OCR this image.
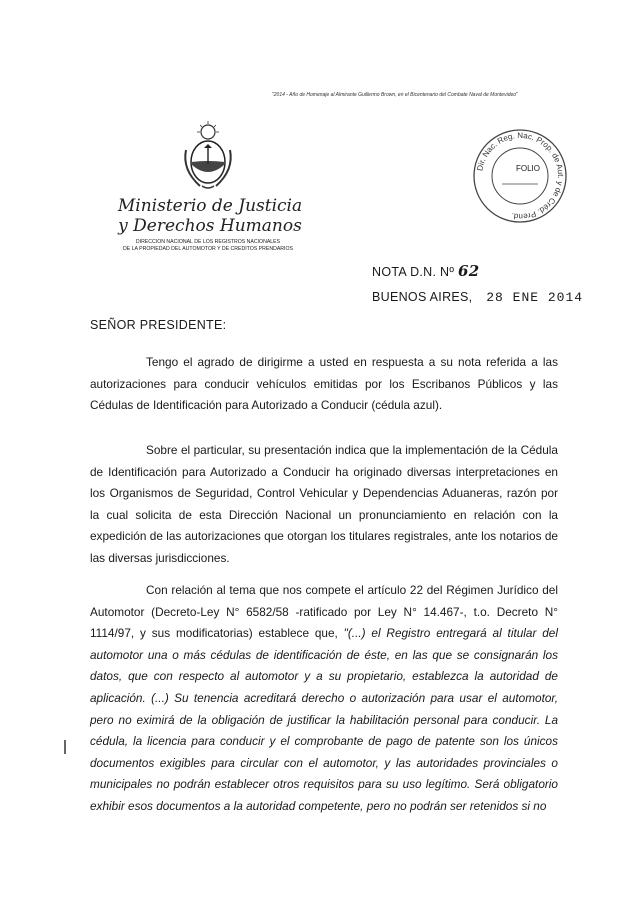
"2014 - Año de Homenaje al Almirante Guillermo Brown, en el Bicentenario del Combate Naval de Montevideo"
Ministerio de Justicia
y Derechos Humanos
DIRECCION NACIONAL DE LOS REGISTROS NACIONALES
DE LA PROPIEDAD DEL AUTOMOTOR Y DE CREDITOS PRENDARIOS
Dir. Nac. Reg. Nac. Prop. de Aut. y de Créd. Prend.
FOLIO
NOTA D.N. Nº 62
BUENOS AIRES, 28 ENE 2014
SEÑOR PRESIDENTE:

Tengo el agrado de dirigirme a usted en respuesta a su nota referida a las autorizaciones para conducir vehículos emitidas por los Escribanos Públicos y las Cédulas de Identificación para Autorizado a Conducir (cédula azul).

Sobre el particular, su presentación indica que la implementación de la Cédula de Identificación para Autorizado a Conducir ha originado diversas interpretaciones en los Organismos de Seguridad, Control Vehicular y Dependencias Aduaneras, razón por la cual solicita de esta Dirección Nacional un pronunciamiento en relación con la expedición de las autorizaciones que otorgan los titulares registrales, ante los notarios de las diversas jurisdicciones.

Con relación al tema que nos compete el artículo 22 del Régimen Jurídico del Automotor (Decreto-Ley N° 6582/58 -ratificado por Ley N° 14.467-, t.o. Decreto N° 1114/97, y sus modificatorias) establece que, "(...) el Registro entregará al titular del automotor una o más cédulas de identificación de éste, en las que se consignarán los datos, que con respecto al automotor y a su propietario, establezca la autoridad de aplicación. (...) Su tenencia acreditará derecho o autorización para usar el automotor, pero no eximirá de la obligación de justificar la habilitación personal para conducir. La cédula, la licencia para conducir y el comprobante de pago de patente son los únicos documentos exigibles para circular con el automotor, y las autoridades provinciales o municipales no podrán establecer otros requisitos para su uso legítimo. Será obligatorio exhibir esos documentos a la autoridad competente, pero no podrán ser retenidos si no
